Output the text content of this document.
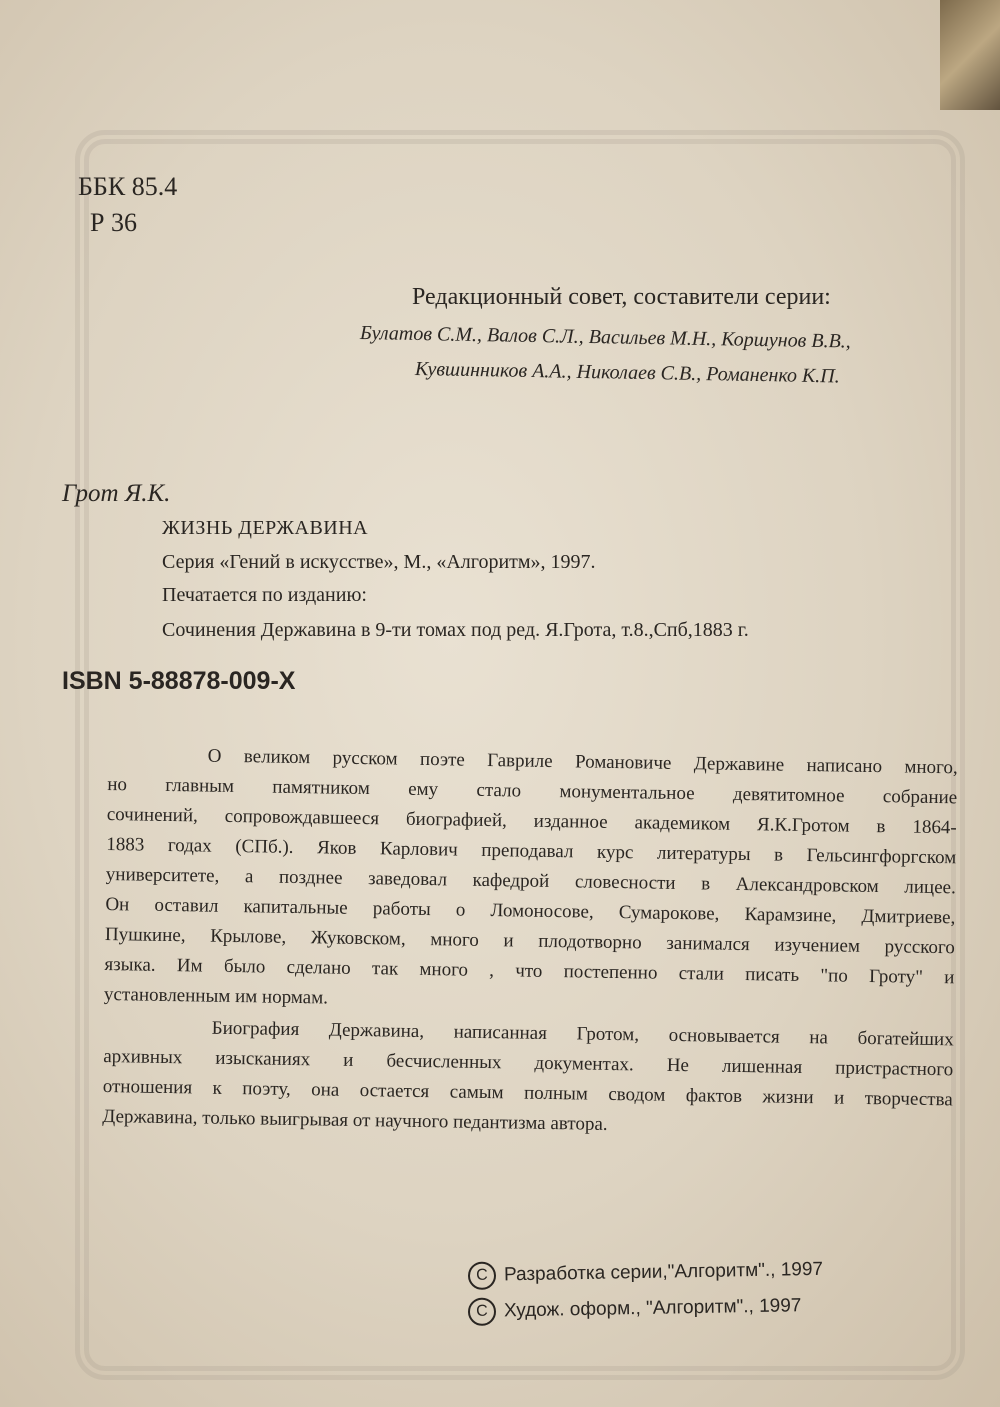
ББК 85.4
Р 36
Редакционный совет, составители серии:
Булатов С.М., Валов С.Л., Васильев М.Н., Коршунов В.В.,
Кувшинников А.А., Николаев С.В., Романенко К.П.
Грот Я.К.
ЖИЗНЬ ДЕРЖАВИНА
Серия «Гений в искусстве», М., «Алгоритм», 1997.
Печатается по изданию:
Сочинения Державина в 9-ти томах под ред. Я.Грота, т.8.,Спб,1883 г.
ISBN 5-88878-009-X
О великом русском поэте Гавриле Романовиче Державине написано много,
но главным памятником ему стало монументальное девятитомное собрание
сочинений, сопровождавшееся биографией, изданное академиком Я.К.Гротом в 1864-
1883 годах (СПб.). Яков Карлович преподавал курс литературы в Гельсингфоргском
университете, а позднее заведовал кафедрой словесности в Александровском лицее.
Он оставил капитальные работы о Ломоносове, Сумарокове, Карамзине, Дмитриеве,
Пушкине, Крылове, Жуковском, много и плодотворно занимался изучением русского
языка. Им было сделано так много , что постепенно стали писать "по Гроту" и
установленным им нормам.
Биография Державина, написанная Гротом, основывается на богатейших
архивных изысканиях и бесчисленных документах. Не лишенная пристрастного
отношения к поэту, она остается самым полным сводом фактов жизни и творчества
Державина, только выигрывая от научного педантизма автора.
C Разработка серии,"Алгоритм"., 1997
C Худож. оформ., "Алгоритм"., 1997
